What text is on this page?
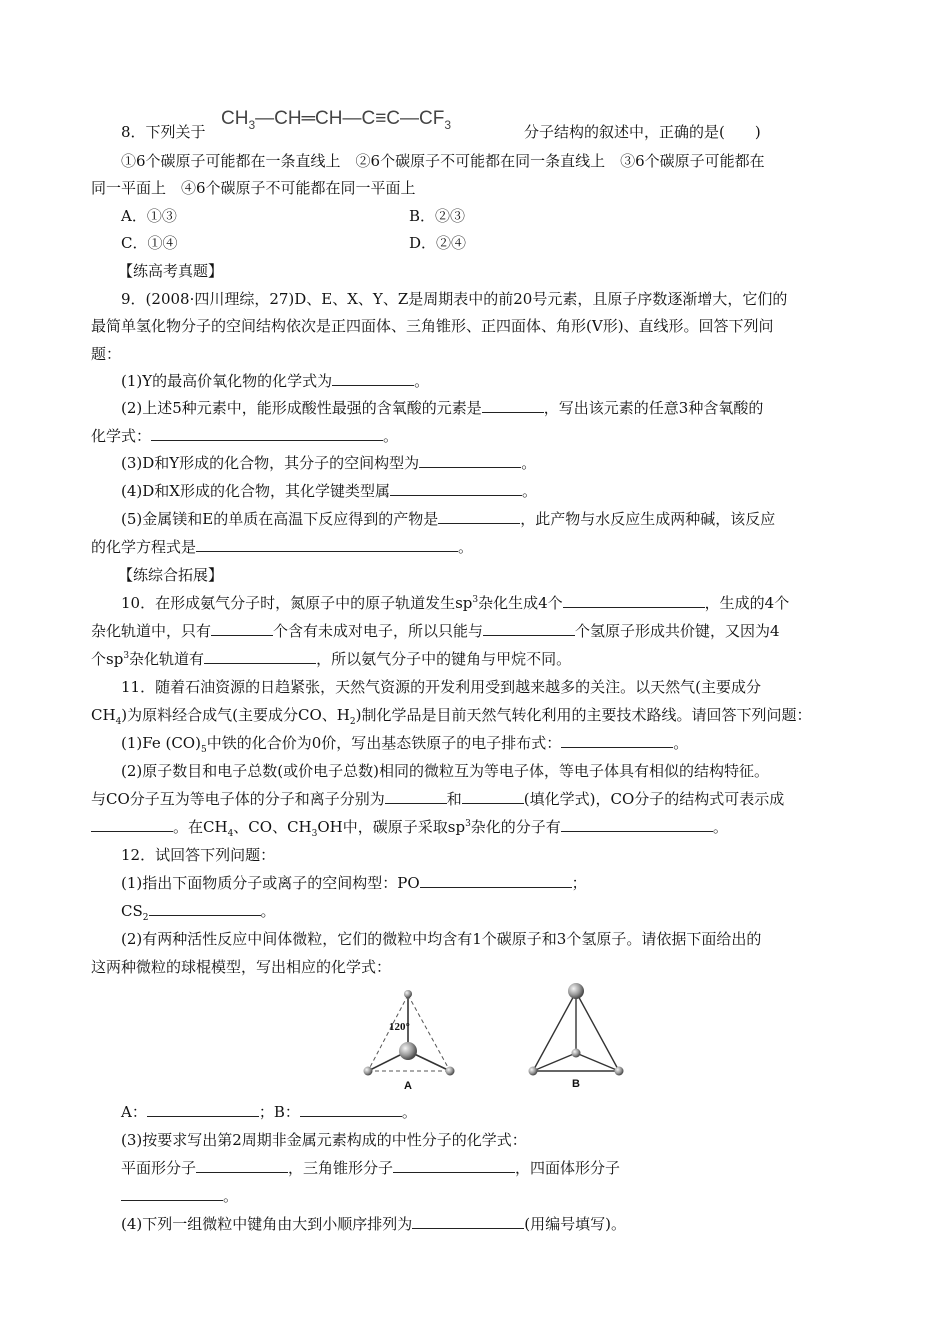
8．下列关于
$CH_3—CH═CH—C\equiv C—CF_3$	分子结构的叙述中，正确的是(　　)
①6个碳原子可能都在一条直线上　②6个碳原子不可能都在同一条直线上　③6个碳原子可能都在
同一平面上　④6个碳原子不可能都在同一平面上
A．①③	B．②③
C．①④	D．②④
【练高考真题】
9．(2008·四川理综，27)D、E、X、Y、Z是周期表中的前20号元素，且原子序数逐渐增大，它们的
最简单氢化物分子的空间结构依次是正四面体、三角锥形、正四面体、角形(V形)、直线形。回答下列问
题：
(1)Y的最高价氧化物的化学式为	。
(2)上述5种元素中，能形成酸性最强的含氧酸的元素是	，写出该元素的任意3种含氧酸的
化学式：	。
(3)D和Y形成的化合物，其分子的空间构型为	。
(4)D和X形成的化合物，其化学键类型属	。
(5)金属镁和E的单质在高温下反应得到的产物是	，此产物与水反应生成两种碱，该反应
的化学方程式是	。
【练综合拓展】
10．在形成氨气分子时，氮原子中的原子轨道发生$sp^3$杂化生成4个	，生成的4个
杂化轨道中，只有	个含有未成对电子，所以只能与	个氢原子形成共价键，又因为4
个$sp^3$杂化轨道有	，所以氨气分子中的键角与甲烷不同。
11．随着石油资源的日趋紧张，天然气资源的开发利用受到越来越多的关注。以天然气(主要成分
$CH_4$)为原料经合成气(主要成分CO、$H_2$)制化学品是目前天然气转化利用的主要技术路线。请回答下列问题：
(1)Fe $(CO)_5$中铁的化合价为0价，写出基态铁原子的电子排布式：	。
(2)原子数目和电子总数(或价电子总数)相同的微粒互为等电子体，等电子体具有相似的结构特征。
与CO分子互为等电子体的分子和离子分别为	和	(填化学式)，CO分子的结构式可表示成
。在$CH_4$、CO、$CH_3OH$中，碳原子采取$sp^3$杂化的分子有	。
12．试回答下列问题：
(1)指出下面物质分子或离子的空间构型：PO	；
$CS_2$	。
(2)有两种活性反应中间体微粒，它们的微粒中均含有1个碳原子和3个氢原子。请依据下面给出的
这两种微粒的球棍模型，写出相应的化学式：
120°
A	B
A：	；B：	。
(3)按要求写出第2周期非金属元素构成的中性分子的化学式：
平面形分子	，三角锥形分子	，四面体形分子
。
(4)下列一组微粒中键角由大到小顺序排列为	(用编号填写)。
